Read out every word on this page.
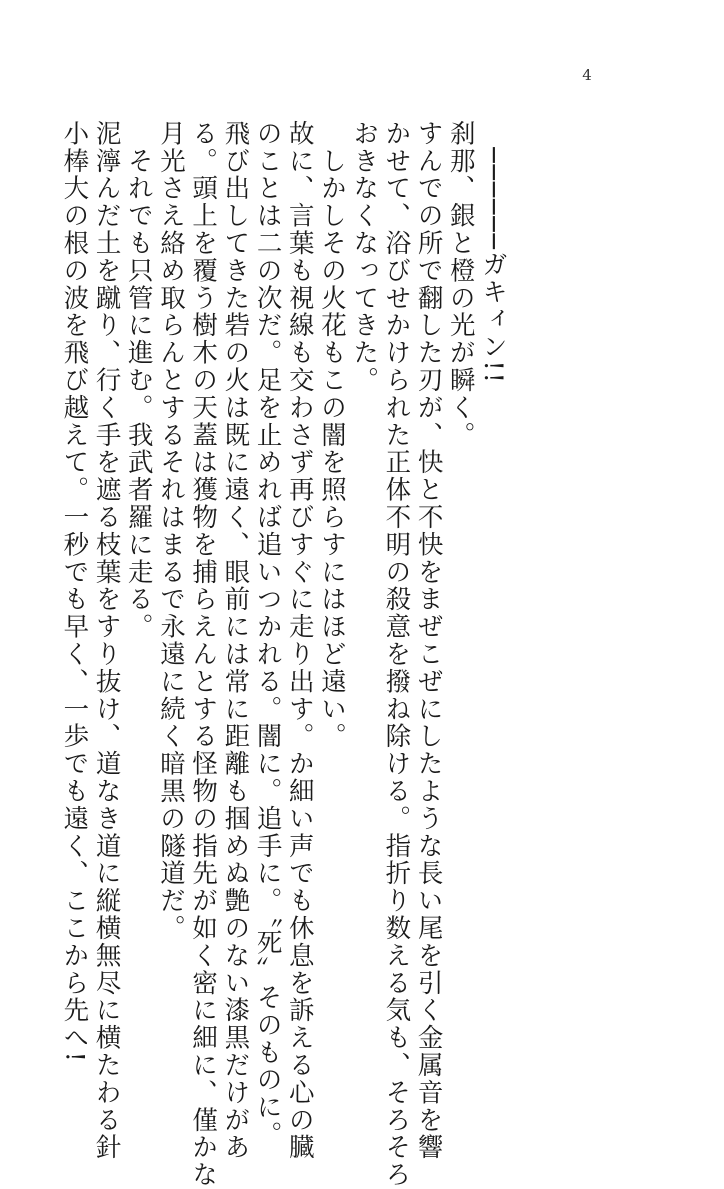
4

　──────ガキィン!!

刹那、銀と橙の光が瞬く。

すんでの所で翻した刃が、快と不快をまぜこぜにしたような長い尾を引く金属音を響

かせて、浴びせかけられた正体不明の殺意を撥ね除ける。指折り数える気も、そろそろ

おきなくなってきた。

　しかしその火花もこの闇を照らすにはほど遠い。

故に、言葉も視線も交わさず再びすぐに走り出す。か細い声でも休息を訴える心の臓

のことは二の次だ。足を止めれば追いつかれる。闇に。追手に。〝死〟そのものに。

飛び出してきた砦の火は既に遠く、眼前には常に距離も掴めぬ艶のない漆黒だけがあ

る。頭上を覆う樹木の天蓋は獲物を捕らえんとする怪物の指先が如く密に細に、僅かな

月光さえ絡め取らんとするそれはまるで永遠に続く暗黒の隧道だ。

　それでも只管に進む。我武者羅に走る。

泥濘んだ土を蹴り、行く手を遮る枝葉をすり抜け、道なき道に縦横無尽に横たわる針

小棒大の根の波を飛び越えて。一秒でも早く、一歩でも遠く、ここから先へ!
